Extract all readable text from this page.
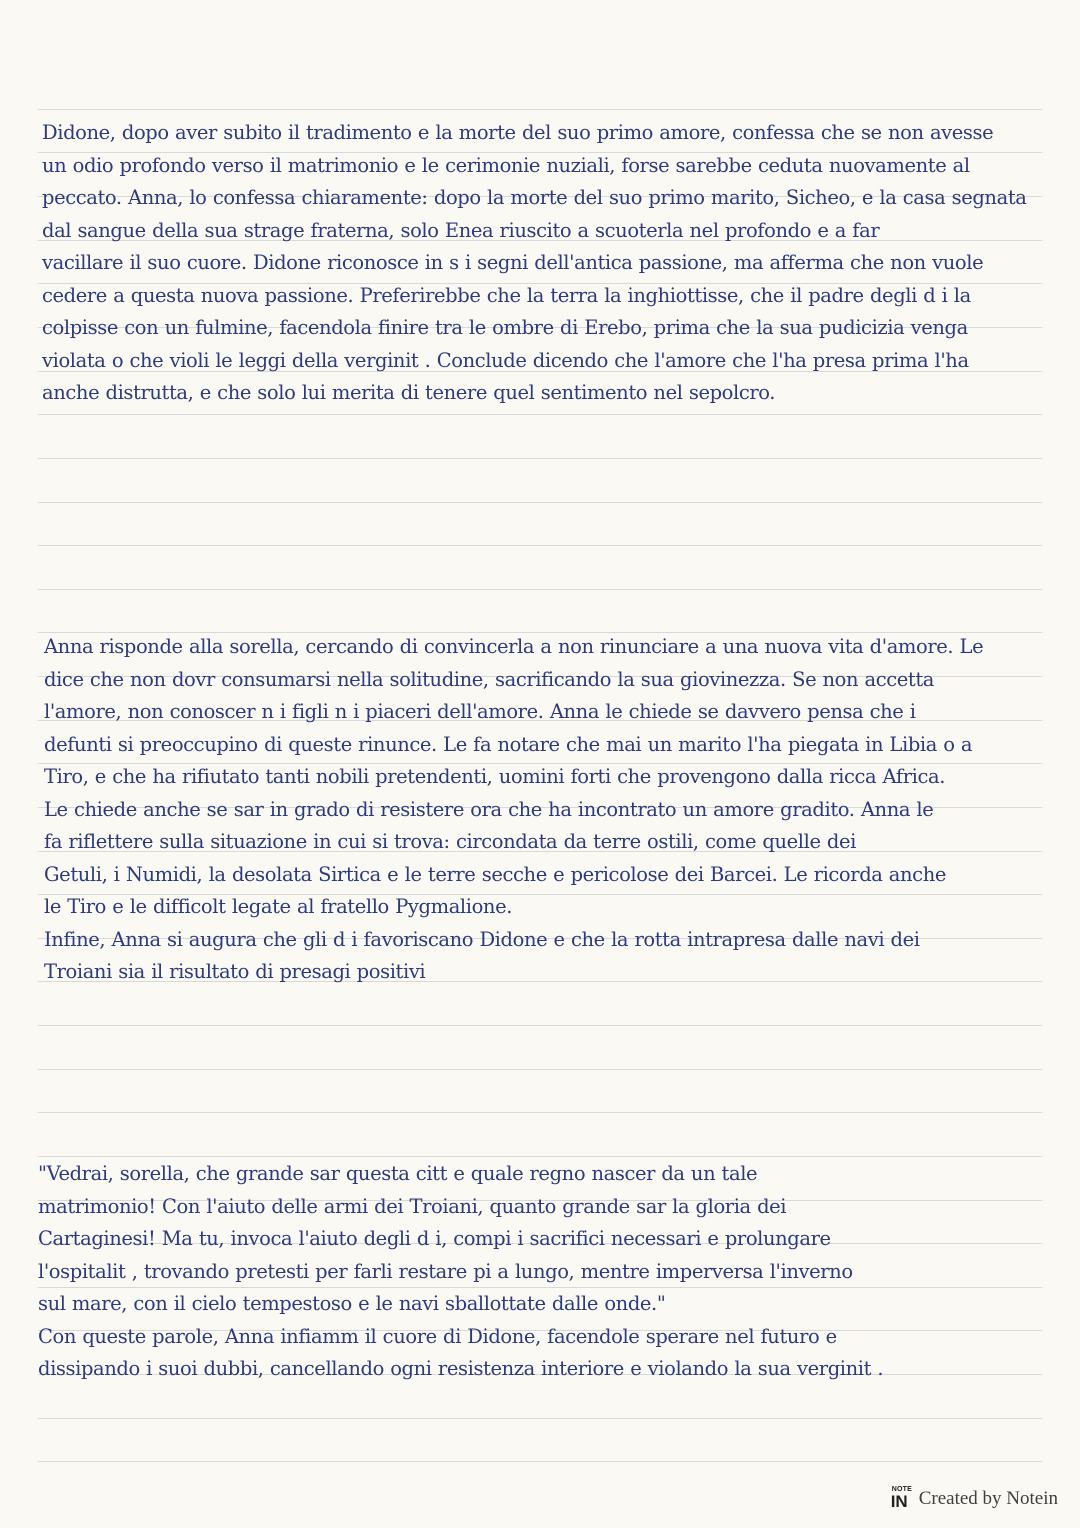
Didone, dopo aver subito il tradimento e la morte del suo primo amore, confessa che se non avesse
un odio profondo verso il matrimonio e le cerimonie nuziali, forse sarebbe ceduta nuovamente al
peccato. Anna, lo confessa chiaramente: dopo la morte del suo primo marito, Sicheo, e la casa segnata
dal sangue della sua strage fraterna, solo Enea riuscito a scuoterla nel profondo e a far
vacillare il suo cuore. Didone riconosce in s i segni dell'antica passione, ma afferma che non vuole
cedere a questa nuova passione. Preferirebbe che la terra la inghiottisse, che il padre degli d i la
colpisse con un fulmine, facendola finire tra le ombre di Erebo, prima che la sua pudicizia venga
violata o che violi le leggi della verginit . Conclude dicendo che l'amore che l'ha presa prima l'ha
anche distrutta, e che solo lui merita di tenere quel sentimento nel sepolcro.
Anna risponde alla sorella, cercando di convincerla a non rinunciare a una nuova vita d'amore. Le
dice che non dovr consumarsi nella solitudine, sacrificando la sua giovinezza. Se non accetta
l'amore, non conoscer n i figli n i piaceri dell'amore. Anna le chiede se davvero pensa che i
defunti si preoccupino di queste rinunce. Le fa notare che mai un marito l'ha piegata in Libia o a
Tiro, e che ha rifiutato tanti nobili pretendenti, uomini forti che provengono dalla ricca Africa.
Le chiede anche se sar in grado di resistere ora che ha incontrato un amore gradito. Anna le
fa riflettere sulla situazione in cui si trova: circondata da terre ostili, come quelle dei
Getuli, i Numidi, la desolata Sirtica e le terre secche e pericolose dei Barcei. Le ricorda anche
le Tiro e le difficolt legate al fratello Pygmalione.
Infine, Anna si augura che gli d i favoriscano Didone e che la rotta intrapresa dalle navi dei
Troiani sia il risultato di presagi positivi
"Vedrai, sorella, che grande sar questa citt e quale regno nascer da un tale
matrimonio! Con l'aiuto delle armi dei Troiani, quanto grande sar la gloria dei
Cartaginesi! Ma tu, invoca l'aiuto degli d i, compi i sacrifici necessari e prolungare
l'ospitalit , trovando pretesti per farli restare pi a lungo, mentre imperversa l'inverno
sul mare, con il cielo tempestoso e le navi sballottate dalle onde."
Con queste parole, Anna infiamm il cuore di Didone, facendole sperare nel futuro e
dissipando i suoi dubbi, cancellando ogni resistenza interiore e violando la sua verginit .
NOTE
IN Created by Notein
